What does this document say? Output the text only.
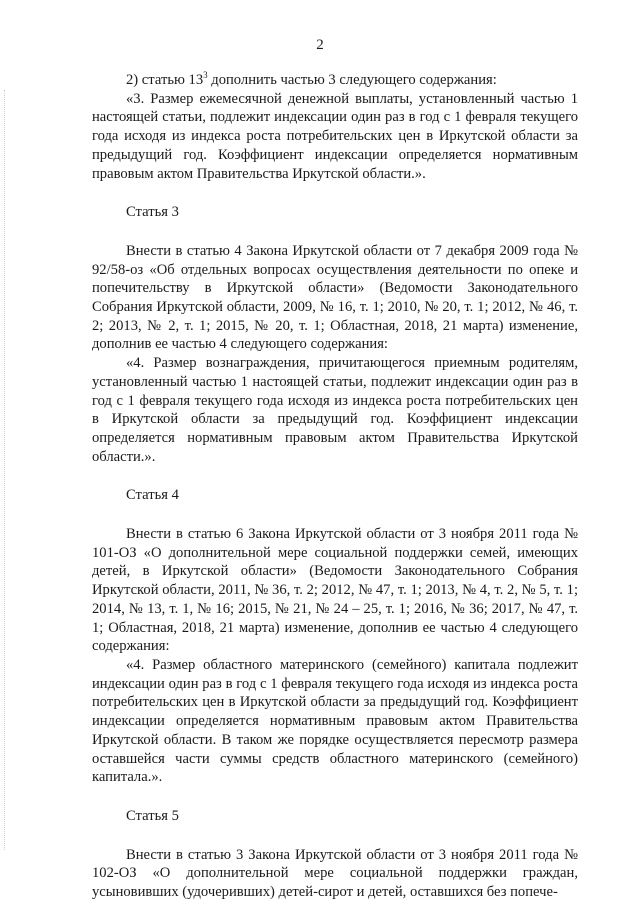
2

2) статью $13^3$ дополнить частью 3 следующего содержания:

«3. Размер ежемесячной денежной выплаты, установленный частью 1 настоящей статьи, подлежит индексации один раз в год с 1 февраля текущего года исходя из индекса роста потребительских цен в Иркутской области за предыдущий год. Коэффициент индексации определяется нормативным правовым актом Правительства Иркутской области.».

Статья 3

Внести в статью 4 Закона Иркутской области от 7 декабря 2009 года № 92/58-оз «Об отдельных вопросах осуществления деятельности по опеке и попечительству в Иркутской области» (Ведомости Законодательного Собрания Иркутской области, 2009, № 16, т. 1; 2010, № 20, т. 1; 2012, № 46, т. 2; 2013, № 2, т. 1; 2015, № 20, т. 1; Областная, 2018, 21 марта) изменение, дополнив ее частью 4 следующего содержания:

«4. Размер вознаграждения, причитающегося приемным родителям, установленный частью 1 настоящей статьи, подлежит индексации один раз в год с 1 февраля текущего года исходя из индекса роста потребительских цен в Иркутской области за предыдущий год. Коэффициент индексации определяется нормативным правовым актом Правительства Иркутской области.».

Статья 4

Внести в статью 6 Закона Иркутской области от 3 ноября 2011 года № 101-ОЗ «О дополнительной мере социальной поддержки семей, имеющих детей, в Иркутской области» (Ведомости Законодательного Собрания Иркутской области, 2011, № 36, т. 2; 2012, № 47, т. 1; 2013, № 4, т. 2, № 5, т. 1; 2014, № 13, т. 1, № 16; 2015, № 21, № 24 – 25, т. 1; 2016, № 36; 2017, № 47, т. 1; Областная, 2018, 21 марта) изменение, дополнив ее частью 4 следующего содержания:

«4. Размер областного материнского (семейного) капитала подлежит индексации один раз в год с 1 февраля текущего года исходя из индекса роста потребительских цен в Иркутской области за предыдущий год. Коэффициент индексации определяется нормативным правовым актом Правительства Иркутской области. В таком же порядке осуществляется пересмотр размера оставшейся части суммы средств областного материнского (семейного) капитала.».

Статья 5

Внести в статью 3 Закона Иркутской области от 3 ноября 2011 года № 102-ОЗ «О дополнительной мере социальной поддержки граждан, усыновивших (удочеривших) детей-сирот и детей, оставшихся без попече-
